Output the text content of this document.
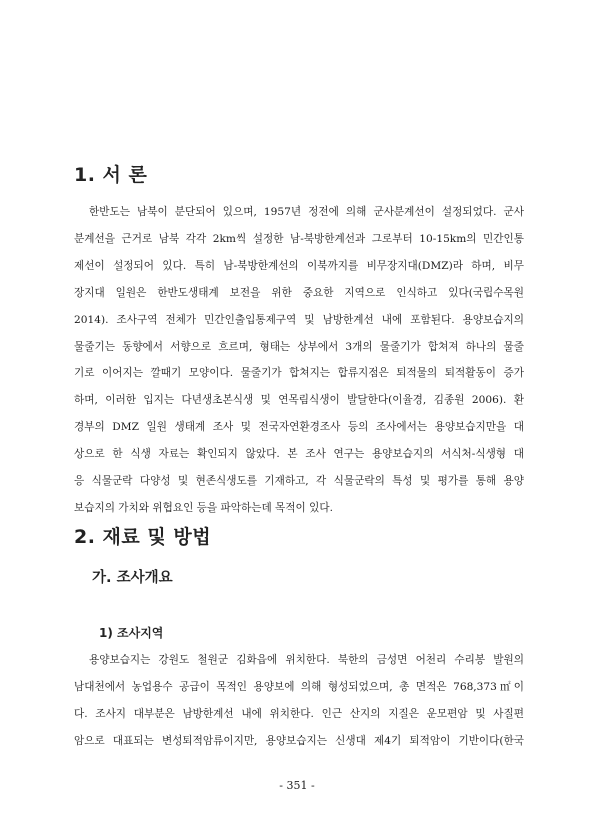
1. 서 론
한반도는 남북이 분단되어 있으며, 1957년 정전에 의해 군사분계선이 설정되었다. 군사
분계선을 근거로 남북 각각 2km씩 설정한 남-북방한계선과 그로부터 10-15km의 민간인통
제선이 설정되어 있다. 특히 남-북방한계선의 이북까지를 비무장지대(DMZ)라 하며, 비무
장지대 일원은 한반도생태계 보전을 위한 중요한 지역으로 인식하고 있다(국립수목원
2014). 조사구역 전체가 민간인출입통제구역 및 남방한계선 내에 포함된다. 용양보습지의
물줄기는 동향에서 서향으로 흐르며, 형태는 상부에서 3개의 물줄기가 합쳐져 하나의 물줄
기로 이어지는 깔때기 모양이다. 물줄기가 합쳐지는 합류지점은 퇴적물의 퇴적활동이 증가
하며, 이러한 입지는 다년생초본식생 및 연목림식생이 발달한다(이율경, 김종원 2006). 환
경부의 DMZ 일원 생태계 조사 및 전국자연환경조사 등의 조사에서는 용양보습지만을 대
상으로 한 식생 자료는 확인되지 않았다. 본 조사 연구는 용양보습지의 서식처-식생형 대
응 식물군락 다양성 및 현존식생도를 기재하고, 각 식물군락의 특성 및 평가를 통해 용양
보습지의 가치와 위협요인 등을 파악하는데 목적이 있다.
2. 재료 및 방법
가. 조사개요
1) 조사지역
용양보습지는 강원도 철원군 김화읍에 위치한다. 북한의 금성면 어천리 수리봉 발원의
남대천에서 농업용수 공급이 목적인 용양보에 의해 형성되었으며, 총 면적은 768,373㎡이
다. 조사지 대부분은 남방한계선 내에 위치한다. 인근 산지의 지질은 운모편암 및 사질편
암으로 대표되는 변성퇴적암류이지만, 용양보습지는 신생대 제4기 퇴적암이 기반이다(한국
- 351 -
